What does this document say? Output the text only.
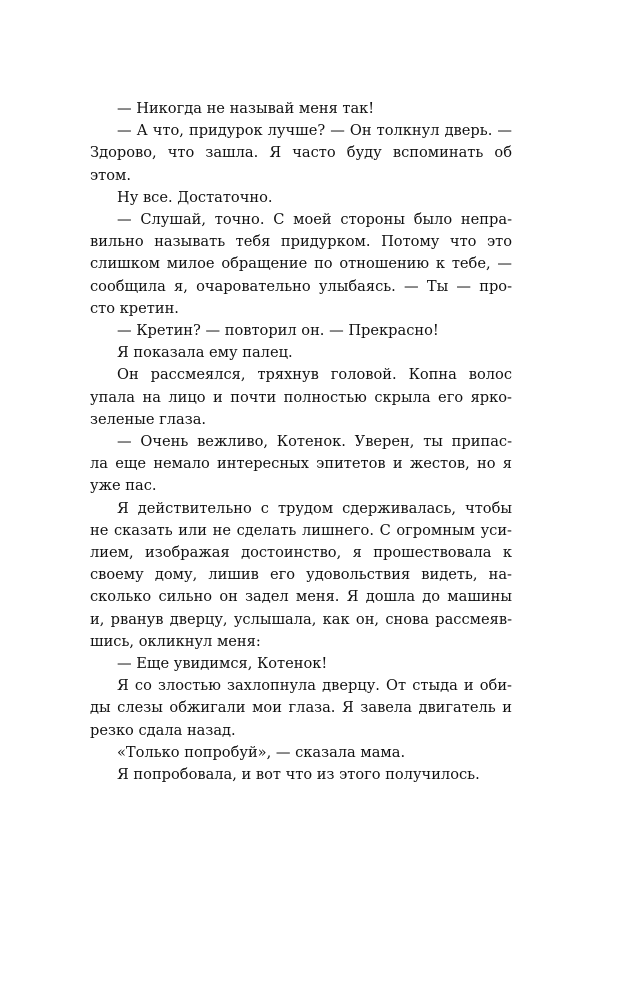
— Никогда не называй меня так!

— А что, придурок лучше? — Он толкнул дверь. —
Здорово, что зашла. Я часто буду вспоминать об
этом.

Ну все. Достаточно.

— Слушай, точно. С моей стороны было непра-
вильно называть тебя придурком. Потому что это
слишком милое обращение по отношению к тебе, —
сообщила я, очаровательно улыбаясь. — Ты — про-
сто кретин.

— Кретин? — повторил он. — Прекрасно!

Я показала ему палец.

Он рассмеялся, тряхнув головой. Копна волос
упала на лицо и почти полностью скрыла его ярко-
зеленые глаза.

— Очень вежливо, Котенок. Уверен, ты припас-
ла еще немало интересных эпитетов и жестов, но я
уже пас.

Я действительно с трудом сдерживалась, чтобы
не сказать или не сделать лишнего. С огромным уси-
лием, изображая достоинство, я прошествовала к
своему дому, лишив его удовольствия видеть, на-
сколько сильно он задел меня. Я дошла до машины
и, рванув дверцу, услышала, как он, снова рассмеяв-
шись, окликнул меня:

— Еще увидимся, Котенок!

Я со злостью захлопнула дверцу. От стыда и оби-
ды слезы обжигали мои глаза. Я завела двигатель и
резко сдала назад.

«Только попробуй», — сказала мама.

Я попробовала, и вот что из этого получилось.
